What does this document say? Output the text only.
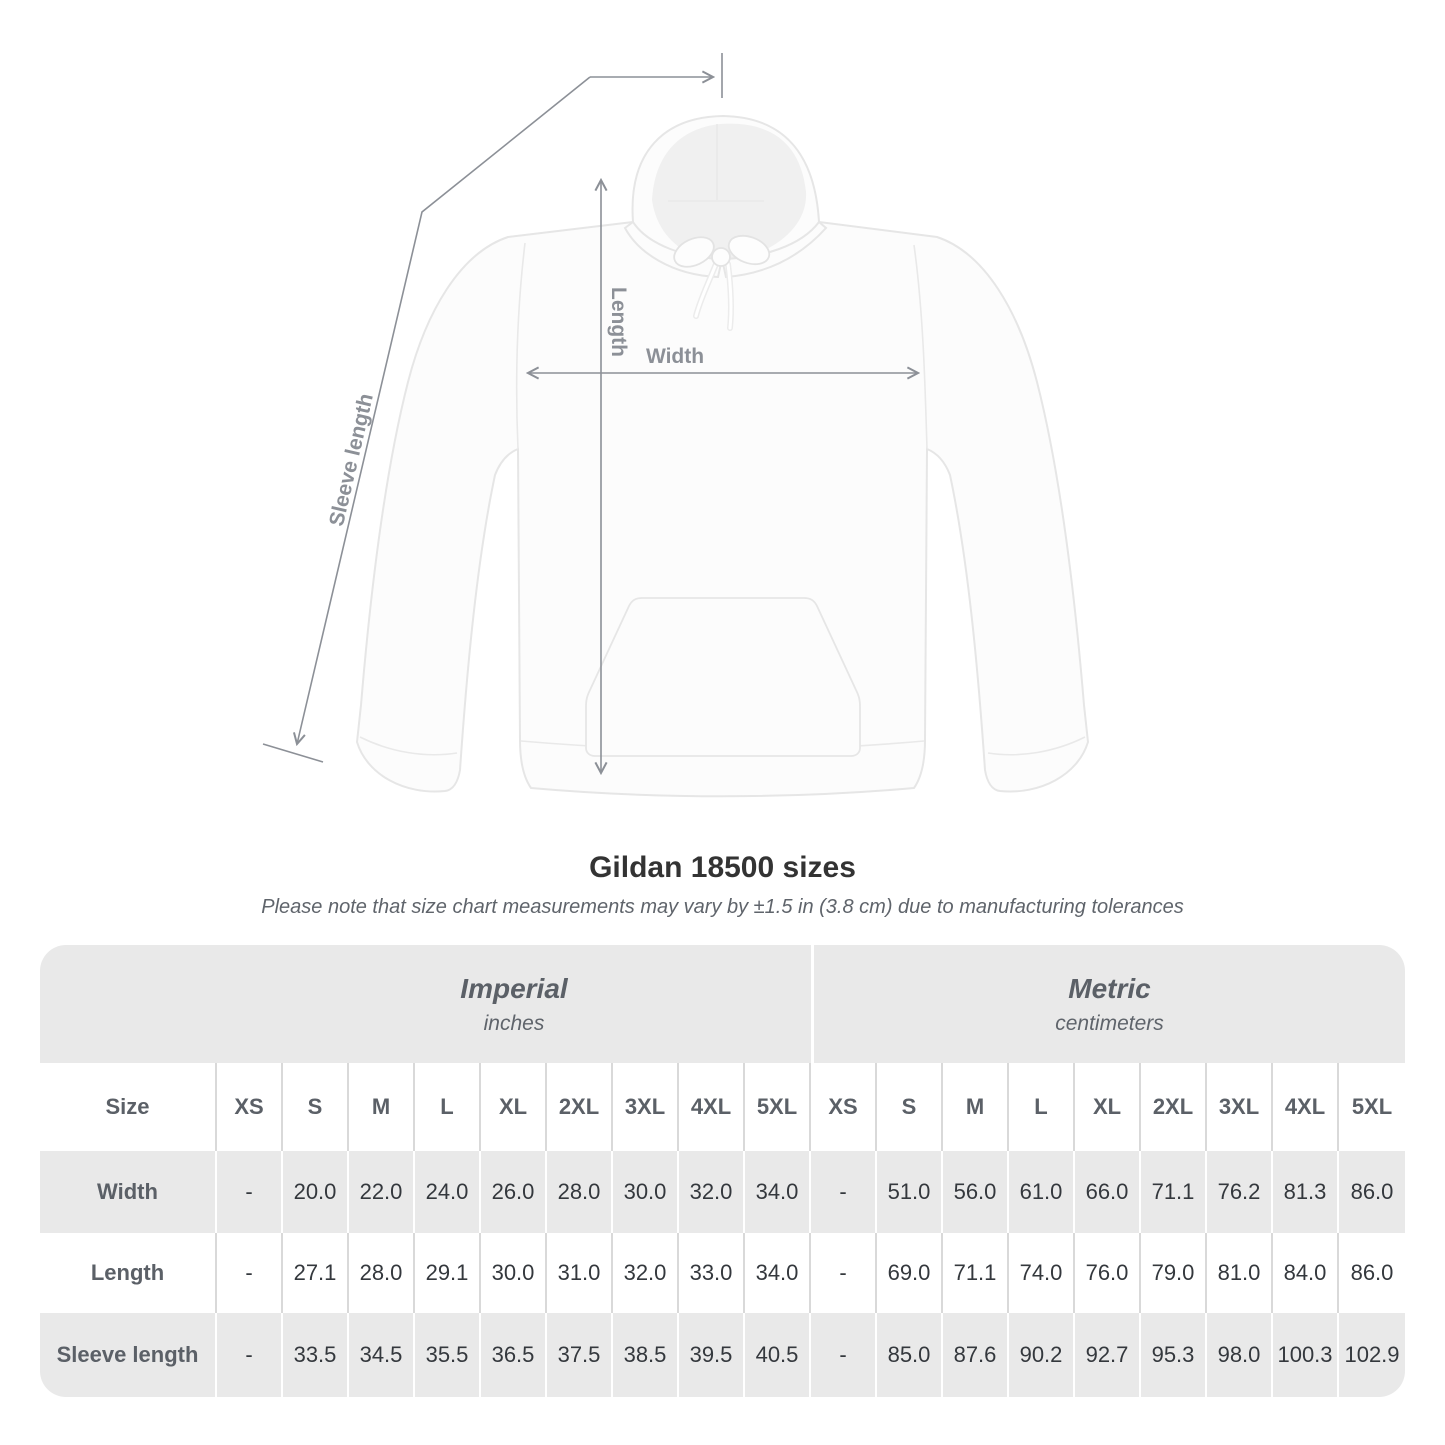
Length Width
Sleeve length
Gildan 18500 sizes
Please note that size chart measurements may vary by ±1.5 in (3.8 cm) due to manufacturing tolerances
Imperial
inches
Metric
centimeters
Size	XS	S	M	L	XL	2XL	3XL	4XL	5XL	XS	S	M	L	XL	2XL	3XL	4XL	5XL
Width	-	20.0	22.0	24.0	26.0	28.0	30.0	32.0	34.0	-	51.0	56.0	61.0	66.0	71.1	76.2	81.3	86.0
Length	-	27.1	28.0	29.1	30.0	31.0	32.0	33.0	34.0	-	69.0	71.1	74.0	76.0	79.0	81.0	84.0	86.0
Sleeve length	-	33.5	34.5	35.5	36.5	37.5	38.5	39.5	40.5	-	85.0	87.6	90.2	92.7	95.3	98.0 100.3 102.9
